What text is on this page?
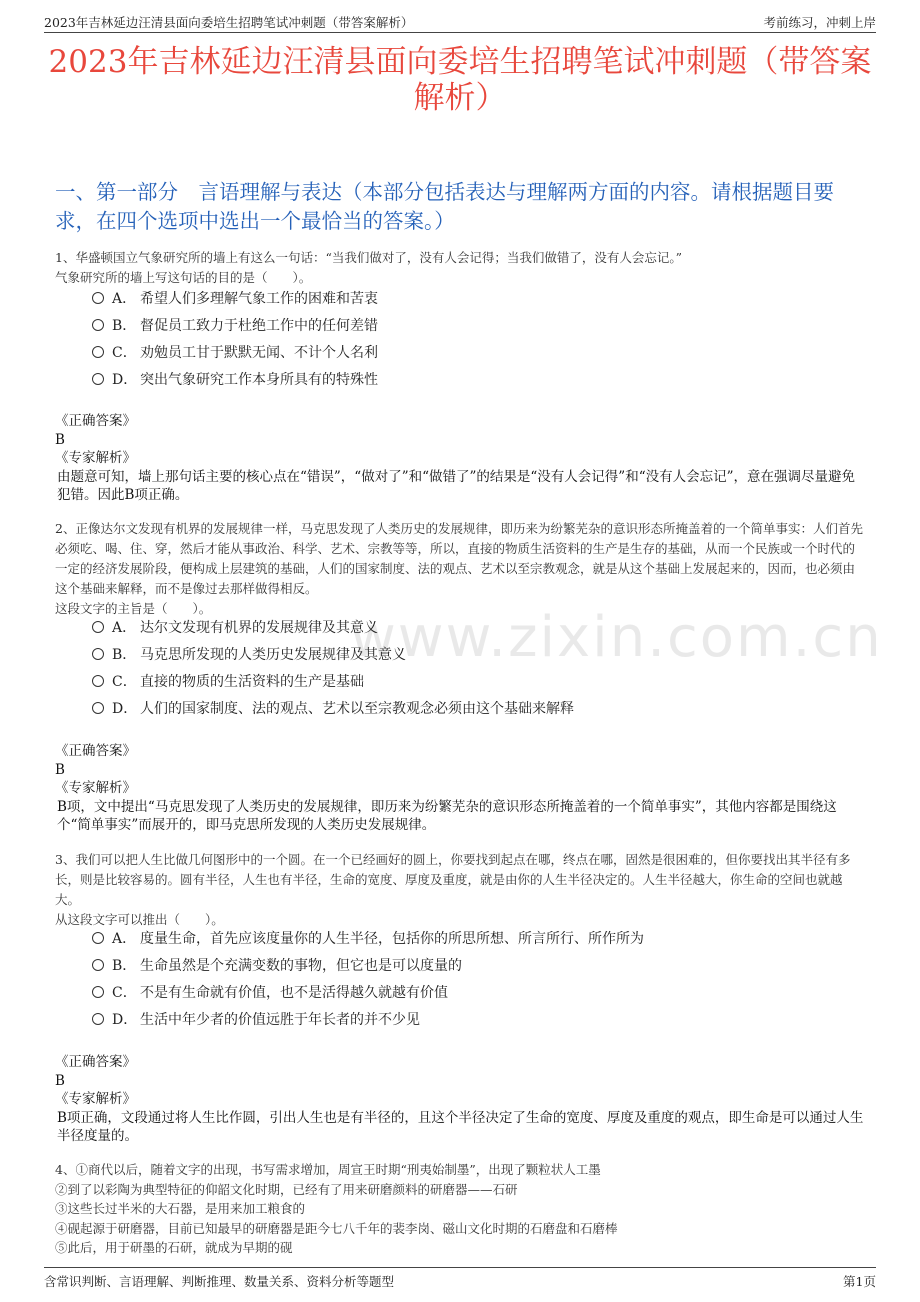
2023年吉林延边汪清县面向委培生招聘笔试冲刺题（带答案解析）	考前练习，冲刺上岸
2023年吉林延边汪清县面向委培生招聘笔试冲刺题（带答案解析）
一、第一部分　言语理解与表达（本部分包括表达与理解两方面的内容。请根据题目要求，在四个选项中选出一个最恰当的答案。）
www.zixin.com.cn

1、华盛顿国立气象研究所的墙上有这么一句话：“当我们做对了，没有人会记得；当我们做错了，没有人会忘记。”

气象研究所的墙上写这句话的目的是（　　）。

A． 希望人们多理解气象工作的困难和苦衷
B． 督促员工致力于杜绝工作中的任何差错
C． 劝勉员工甘于默默无闻、不计个人名利
D． 突出气象研究工作本身所具有的特殊性

《正确答案》

B

《专家解析》

由题意可知，墙上那句话主要的核心点在“错误”，“做对了”和“做错了”的结果是“没有人会记得”和“没有人会忘记”，意在强调尽量避免犯错。因此B项正确。

2、正像达尔文发现有机界的发展规律一样，马克思发现了人类历史的发展规律，即历来为纷繁芜杂的意识形态所掩盖着的一个简单事实：人们首先必须吃、喝、住、穿，然后才能从事政治、科学、艺术、宗教等等，所以，直接的物质生活资料的生产是生存的基础，从而一个民族或一个时代的一定的经济发展阶段，便构成上层建筑的基础，人们的国家制度、法的观点、艺术以至宗教观念，就是从这个基础上发展起来的，因而，也必须由这个基础来解释，而不是像过去那样做得相反。

这段文字的主旨是（　　）。

A． 达尔文发现有机界的发展规律及其意义
B． 马克思所发现的人类历史发展规律及其意义
C． 直接的物质的生活资料的生产是基础
D． 人们的国家制度、法的观点、艺术以至宗教观念必须由这个基础来解释

《正确答案》

B

《专家解析》

B项，文中提出“马克思发现了人类历史的发展规律，即历来为纷繁芜杂的意识形态所掩盖着的一个简单事实”，其他内容都是围绕这个“简单事实”而展开的，即马克思所发现的人类历史发展规律。

3、我们可以把人生比做几何图形中的一个圆。在一个已经画好的圆上，你要找到起点在哪，终点在哪，固然是很困难的，但你要找出其半径有多长，则是比较容易的。圆有半径，人生也有半径，生命的宽度、厚度及重度，就是由你的人生半径决定的。人生半径越大，你生命的空间也就越大。

从这段文字可以推出（　　）。

A． 度量生命，首先应该度量你的人生半径，包括你的所思所想、所言所行、所作所为
B． 生命虽然是个充满变数的事物，但它也是可以度量的
C． 不是有生命就有价值，也不是活得越久就越有价值
D． 生活中年少者的价值远胜于年长者的并不少见

《正确答案》

B

《专家解析》

B项正确，文段通过将人生比作圆，引出人生也是有半径的，且这个半径决定了生命的宽度、厚度及重度的观点，即生命是可以通过人生半径度量的。

4、①商代以后，随着文字的出现，书写需求增加，周宣王时期“刑夷始制墨”，出现了颗粒状人工墨

②到了以彩陶为典型特征的仰韶文化时期，已经有了用来研磨颜料的研磨器——石研

③这些长过半米的大石器，是用来加工粮食的

④砚起源于研磨器，目前已知最早的研磨器是距今七八千年的裴李岗、磁山文化时期的石磨盘和石磨棒

⑤此后，用于研墨的石研，就成为早期的砚

含常识判断、言语理解、判断推理、数量关系、资料分析等题型	第1页
